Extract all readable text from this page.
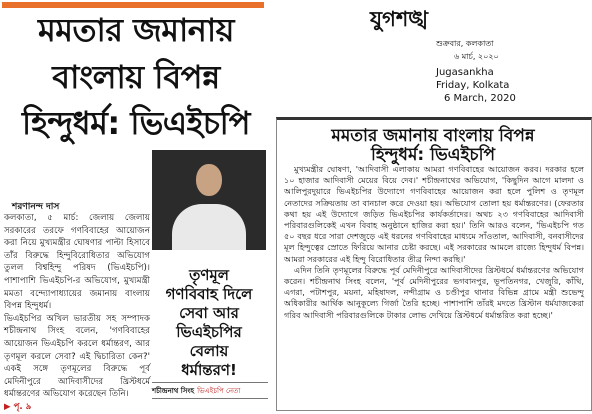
মমতার জমানায়
বাংলায় বিপন্ন
হিন্দুধর্ম: ভিএইচপি
শরণানন্দ দাস

কলকাতা, ৫ মার্চ: জেলায় জেলায় সরকারের তরফে গণবিবাহের আয়োজন করা নিয়ে মুখ্যমন্ত্রীর ঘোষণার পাল্টা হিসাবে তাঁর বিরুদ্ধে হিন্দুবিরোধিতার অভিযোগ তুলল বিশ্বহিন্দু পরিষদ (ভিএইচপি)। পাশাপাশি ভিএইচপি-র অভিযোগ, মুখ্যমন্ত্রী মমতা বন্দ্যোপাধ্যায়ের জমানায় বাংলায় বিপন্ন হিন্দুধর্ম।

ভিএইচপির অখিল ভারতীয় সহ সম্পাদক শচীন্দ্রনাথ সিংহ বলেন, 'গণবিবাহের আয়োজন ভিএইচপি করলে ধর্মান্তরণ, আর তৃণমূল করলে সেবা? এই দ্বিচারিতা কেন?' একই সঙ্গে তৃণমূলের বিরুদ্ধে পূর্ব মেদিনীপুরে আদিবাসীদের খ্রিস্টধর্মে ধর্মান্তরণের অভিযোগ করেছেন তিনি।

▶ পৃ. ৯
তৃণমূল
গণবিবাহ দিলে
সেবা আর
ভিএইচপির
বেলায়
ধর্মান্তরণ!
শচীন্দ্রনাথ সিংহ ভিএইচপি নেতা
যুগশঙ্খ
শুক্রবার, কলকাতা
৬ মার্চ, ২০২০
Jugasankha
Friday, Kolkata
6 March, 2020
মমতার জমানায় বাংলায় বিপন্ন
হিন্দুধর্ম: ভিএইচপি

মুখ্যমন্ত্রীর ঘোষণা, 'আদিবাসী এলাকায় আমরা গণবিবাহের আয়োজন করব। দরকার হলে ১০ হাজার আদিবাসী মেয়ের বিয়ে দেব।' শচীন্দ্রনাথের অভিযোগ, 'কিছুদিন আগে মালদা ও আলিপুরদুয়ারে ভিএইচপির উদ্যোগে গণবিবাহের আয়োজন করা হলে পুলিশ ও তৃণমূল নেতাদের সক্রিয়তায় তা বানচাল করে দেওয়া হয়। অভিযোগ তোলা হয় ধর্মান্তরণের। (ফেরতার কথা হয় এই উদ্যোগে জড়িত ভিএইচপির কার্যকর্তাদের। অথচ ২৩ গণবিবাহের আদিবাসী পরিবারগুলিকেই এখন বিবাহ অনুষ্ঠানে হাজির করা হয়।' তিনি আরও বলেন, 'ভিএইচপি গত ৫০ বছর ধরে সারা দেশজুড়ে এই ধরনের গণবিবাহের মাধ্যমে সাঁওতাল, আদিবাসী, বনবাসীদের মূল হিন্দুত্বের স্রোতে ফিরিয়ে আনার চেষ্টা করছে। এই সরকারের আমলে রাজ্যে হিন্দুধর্ম বিপন্ন। আমরা সরকারের এই হিন্দু বিরোধিতার তীব্র নিন্দা করছি।'

এদিন তিনি তৃণমূলের বিরুদ্ধে পূর্ব মেদিনীপুরে আদিবাসীদের খ্রিস্টধর্মে ধর্মান্তরণের অভিযোগ করেন। শচীন্দ্রনাথ সিংহ বলেন, 'পূর্ব মেদিনীপুরের ভগবানপুর, ভূপতিনগর, খেজুরি, কাঁথি, এগরা, পটাশপুর, ময়না, মহিষাদল, নন্দীগ্রাম ও চণ্ডীপুর থানার বিভিন্ন গ্রামে মন্ত্রী শুভেন্দু অধিকারীর আর্থিক আনুকূল্যে গির্জা তৈরি হচ্ছে। পাশাপাশি তাঁরই মদতে খ্রিস্টান ধর্মযাজকেরা গরিব আদিবাসী পরিবারগুলিকে টাকার লোভ দেখিয়ে খ্রিস্টধর্মে ধর্মান্তরিত করা হচ্ছে।'
